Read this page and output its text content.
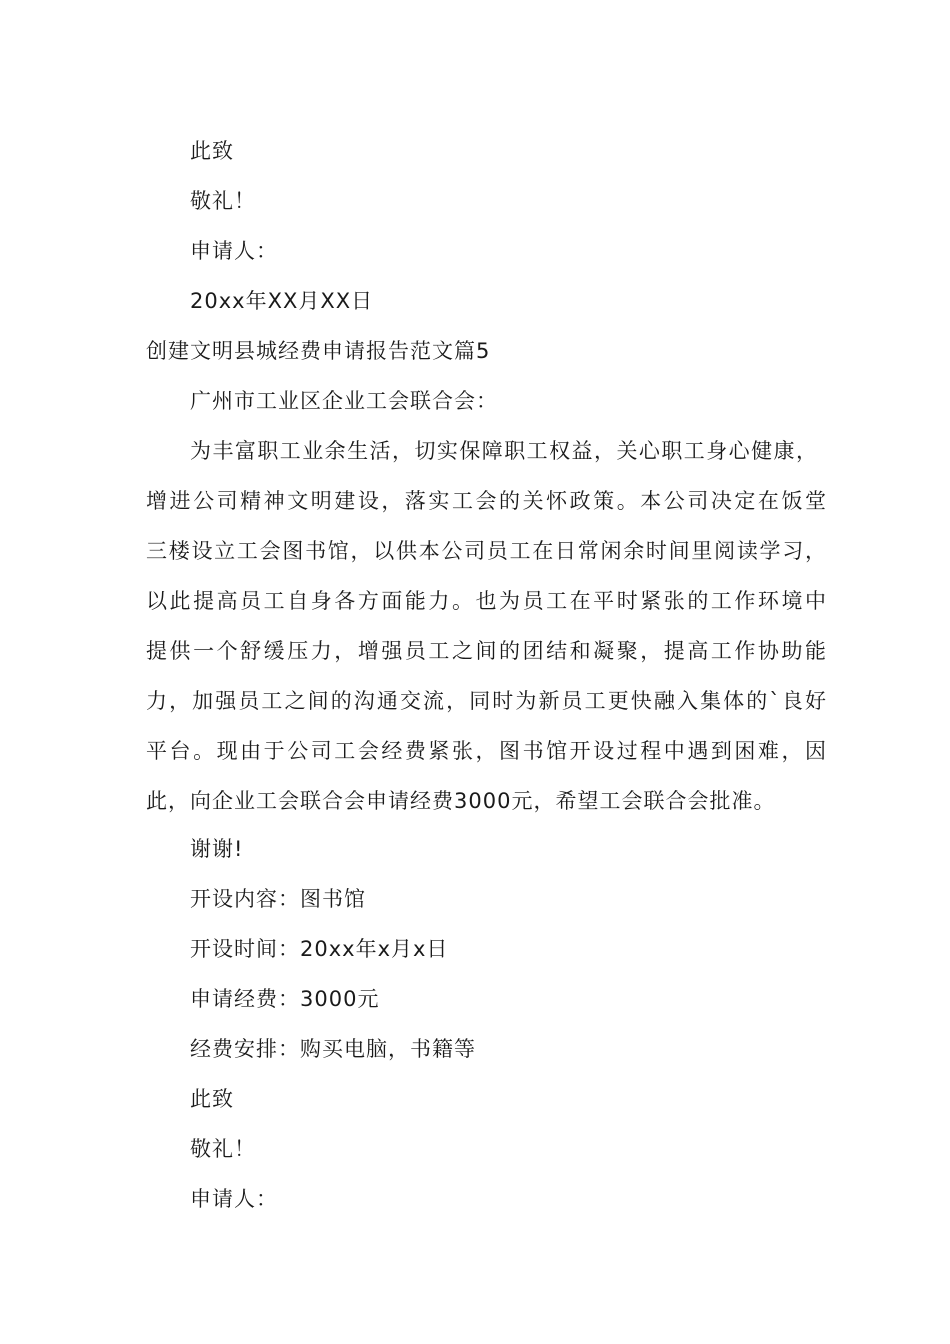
此致
敬礼！
申请人：
20xx年XX月XX日
创建文明县城经费申请报告范文篇5
广州市工业区企业工会联合会：
为丰富职工业余生活，切实保障职工权益，关心职工身心健康，
增进公司精神文明建设，落实工会的关怀政策。本公司决定在饭堂
三楼设立工会图书馆，以供本公司员工在日常闲余时间里阅读学习，
以此提高员工自身各方面能力。也为员工在平时紧张的工作环境中
提供一个舒缓压力，增强员工之间的团结和凝聚，提高工作协助能
力，加强员工之间的沟通交流，同时为新员工更快融入集体的`良好
平台。现由于公司工会经费紧张，图书馆开设过程中遇到困难，因
此，向企业工会联合会申请经费3000元，希望工会联合会批准。
谢谢!
开设内容：图书馆
开设时间：20xx年x月x日
申请经费：3000元
经费安排：购买电脑，书籍等
此致
敬礼！
申请人：
